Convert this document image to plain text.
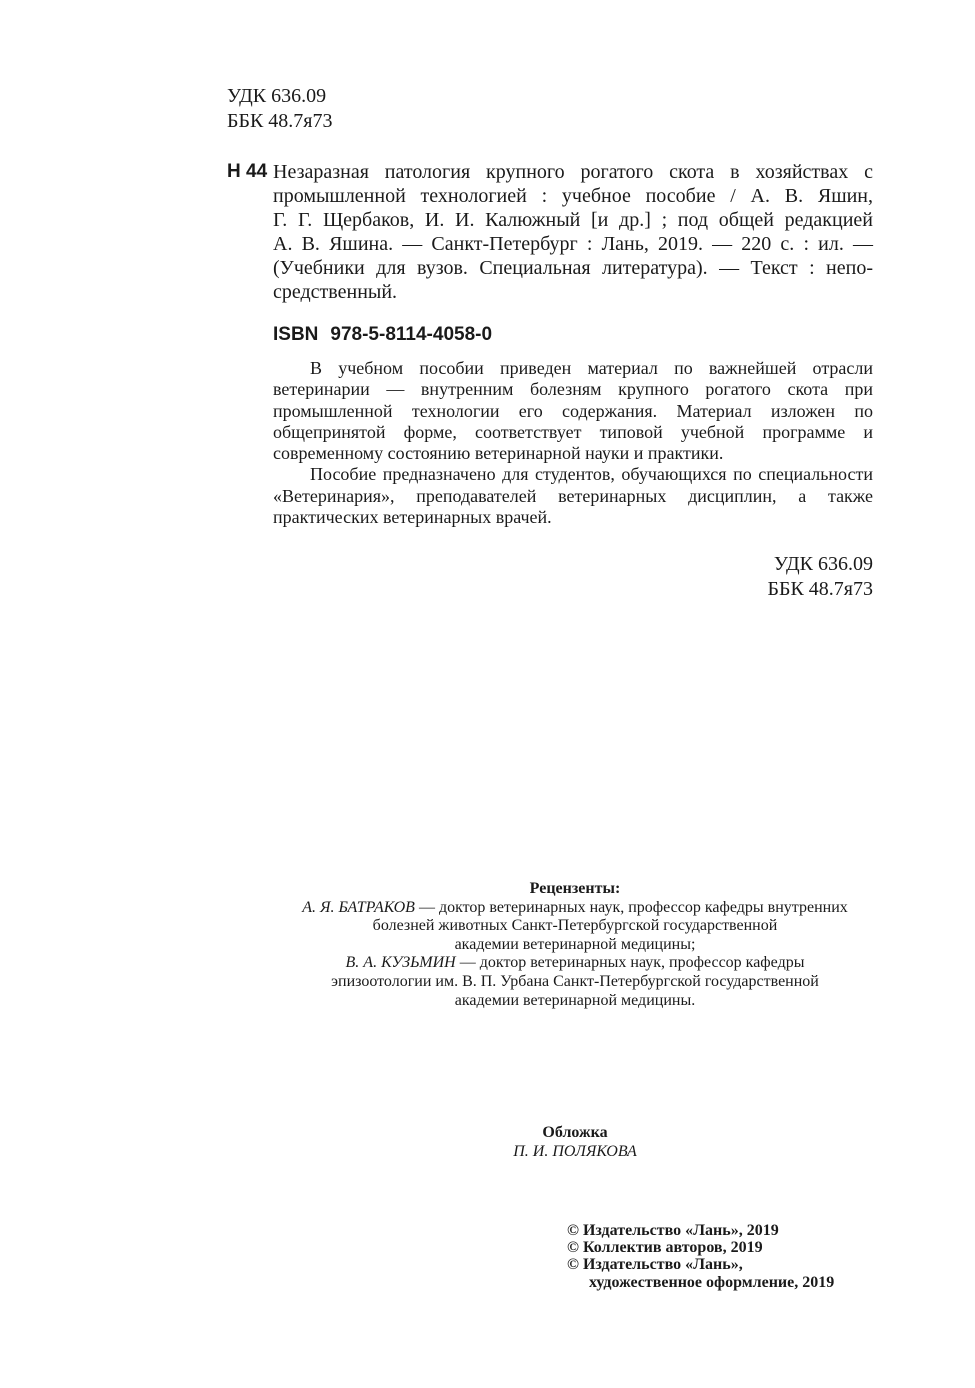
УДК 636.09
ББК 48.7я73
Н 44 Незаразная патология крупного рогатого скота в хозяйствах с
промышленной технологией : учебное пособие / А. В. Яшин,
Г. Г. Щербаков, И. И. Калюжный [и др.] ; под общей редакцией
А. В. Яшина. — Санкт-Петербург : Лань, 2019. — 220 с. : ил. —
(Учебники для вузов. Специальная литература). — Текст : непо-
средственный.
ISBN 978-5-8114-4058-0

В учебном пособии приведен материал по важнейшей отрасли ветеринарии — внутренним болезням крупного рогатого скота при промышленной технологии его содержания. Материал изложен по общепринятой форме, соответствует типовой учебной программе и современному состоянию ветеринарной науки и практики.

Пособие предназначено для студентов, обучающихся по специальности «Ветеринария», преподавателей ветеринарных дисциплин, а также практических ветеринарных врачей.

УДК 636.09
ББК 48.7я73
Рецензенты:
А. Я. БАТРАКОВ — доктор ветеринарных наук, профессор кафедры внутренних
болезней животных Санкт-Петербургской государственной
академии ветеринарной медицины;
В. А. КУЗЬМИН — доктор ветеринарных наук, профессор кафедры
эпизоотологии им. В. П. Урбана Санкт-Петербургской государственной
академии ветеринарной медицины.
Обложка
П. И. ПОЛЯКОВА
© Издательство «Лань», 2019
© Коллектив авторов, 2019
© Издательство «Лань»,
художественное оформление, 2019
